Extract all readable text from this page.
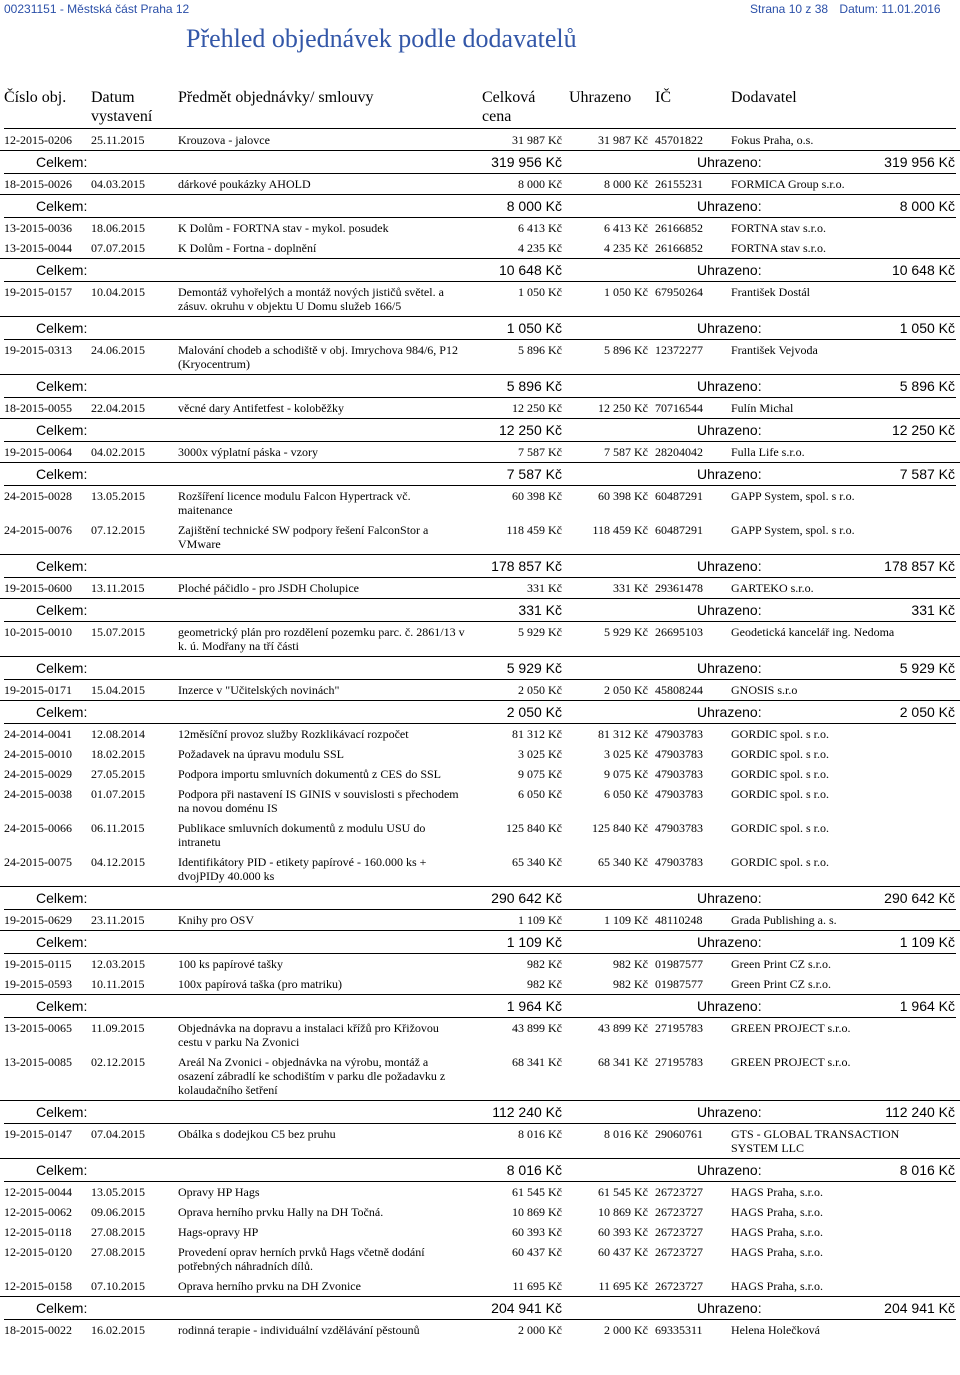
00231151 - Městská část Praha 12	Strana 10 z 38 Datum: 11.01.2016
Přehled objednávek podle dodavatelů
Číslo obj. Datum
vystavení
Předmět objednávky/ smlouvy	Celková
cena
Uhrazeno IČ	Dodavatel
12-2015-0206 25.11.2015	Krouzova - jalovce	31 987 Kč	31 987 Kč 45701822 Fokus Praha, o.s.
Celkem:	319 956 Kč	Uhrazeno:	319 956 Kč
18-2015-0026 04.03.2015	dárkové poukázky AHOLD	8 000 Kč	8 000 Kč 26155231 FORMICA Group s.r.o.
Celkem:	8 000 Kč	Uhrazeno:	8 000 Kč
13-2015-0036 18.06.2015	K Dolům - FORTNA stav - mykol. posudek	6 413 Kč	6 413 Kč 26166852 FORTNA stav s.r.o.
13-2015-0044 07.07.2015	K Dolům - Fortna - doplnění	4 235 Kč	4 235 Kč 26166852 FORTNA stav s.r.o.
Celkem:	10 648 Kč	Uhrazeno:	10 648 Kč
19-2015-0157 10.04.2015	Demontáž vyhořelých a montáž nových jističů světel. a
zásuv. okruhu v objektu U Domu služeb 166/5
1 050 Kč	1 050 Kč 67950264 František Dostál
Celkem:	1 050 Kč	Uhrazeno:	1 050 Kč
19-2015-0313 24.06.2015	Malování chodeb a schodiště v obj. Imrychova 984/6, P12
(Kryocentrum)
5 896 Kč	5 896 Kč 12372277 František Vejvoda
Celkem:	5 896 Kč	Uhrazeno:	5 896 Kč
18-2015-0055 22.04.2015	věcné dary Antifetfest - koloběžky	12 250 Kč	12 250 Kč 70716544 Fulín Michal
Celkem:	12 250 Kč	Uhrazeno:	12 250 Kč
19-2015-0064 04.02.2015	3000x výplatní páska - vzory	7 587 Kč	7 587 Kč 28204042 Fulla Life s.r.o.
Celkem:	7 587 Kč	Uhrazeno:	7 587 Kč
24-2015-0028 13.05.2015	Rozšíření licence modulu Falcon Hypertrack vč.
maitenance
60 398 Kč	60 398 Kč 60487291 GAPP System, spol. s r.o.
24-2015-0076 07.12.2015	Zajištění technické SW podpory řešení FalconStor a
VMware
118 459 Kč	118 459 Kč 60487291 GAPP System, spol. s r.o.
Celkem:	178 857 Kč	Uhrazeno:	178 857 Kč
19-2015-0600 13.11.2015	Ploché páčidlo - pro JSDH Cholupice	331 Kč	331 Kč 29361478 GARTEKO s.r.o.
Celkem:	331 Kč	Uhrazeno:	331 Kč
10-2015-0010 15.07.2015	geometrický plán pro rozdělení pozemku parc. č. 2861/13 v
k. ú. Modřany na tří části
5 929 Kč	5 929 Kč 26695103 Geodetická kancelář ing. Nedoma
Celkem:	5 929 Kč	Uhrazeno:	5 929 Kč
19-2015-0171 15.04.2015	Inzerce v "Učitelských novinách"	2 050 Kč	2 050 Kč 45808244 GNOSIS s.r.o
Celkem:	2 050 Kč	Uhrazeno:	2 050 Kč
24-2014-0041 12.08.2014	12měsíční provoz služby Rozklikávací rozpočet	81 312 Kč	81 312 Kč 47903783 GORDIC spol. s r.o.
24-2015-0010 18.02.2015	Požadavek na úpravu modulu SSL	3 025 Kč	3 025 Kč 47903783 GORDIC spol. s r.o.
24-2015-0029 27.05.2015	Podpora importu smluvních dokumentů z CES do SSL	9 075 Kč	9 075 Kč 47903783 GORDIC spol. s r.o.
24-2015-0038 01.07.2015	Podpora při nastavení IS GINIS v souvislosti s přechodem
na novou doménu IS
6 050 Kč	6 050 Kč 47903783 GORDIC spol. s r.o.
24-2015-0066 06.11.2015	Publikace smluvních dokumentů z modulu USU do
intranetu
125 840 Kč	125 840 Kč 47903783 GORDIC spol. s r.o.
24-2015-0075 04.12.2015	Identifikátory PID - etikety papírové - 160.000 ks +
dvojPIDy 40.000 ks
65 340 Kč	65 340 Kč 47903783 GORDIC spol. s r.o.
Celkem:	290 642 Kč	Uhrazeno:	290 642 Kč
19-2015-0629 23.11.2015	Knihy pro OSV	1 109 Kč	1 109 Kč 48110248 Grada Publishing a. s.
Celkem:	1 109 Kč	Uhrazeno:	1 109 Kč
19-2015-0115 12.03.2015	100 ks papírové tašky	982 Kč	982 Kč 01987577 Green Print CZ s.r.o.
19-2015-0593 10.11.2015	100x papírová taška (pro matriku)	982 Kč	982 Kč 01987577 Green Print CZ s.r.o.
Celkem:	1 964 Kč	Uhrazeno:	1 964 Kč
13-2015-0065 11.09.2015	Objednávka na dopravu a instalaci křížů pro Křižovou
cestu v parku Na Zvonici
43 899 Kč	43 899 Kč 27195783 GREEN PROJECT s.r.o.
13-2015-0085 02.12.2015	Areál Na Zvonici - objednávka na výrobu, montáž a
osazení zábradlí ke schodištím v parku dle požadavku z
kolaudačního šetření
68 341 Kč	68 341 Kč 27195783 GREEN PROJECT s.r.o.
Celkem:	112 240 Kč	Uhrazeno:	112 240 Kč
19-2015-0147 07.04.2015	Obálka s dodejkou C5 bez pruhu	8 016 Kč	8 016 Kč 29060761 GTS - GLOBAL TRANSACTION
SYSTEM LLC
Celkem:	8 016 Kč	Uhrazeno:	8 016 Kč
12-2015-0044 13.05.2015	Opravy HP Hags	61 545 Kč	61 545 Kč 26723727 HAGS Praha, s.r.o.
12-2015-0062 09.06.2015	Oprava herního prvku Hally na DH Točná.	10 869 Kč	10 869 Kč 26723727 HAGS Praha, s.r.o.
12-2015-0118 27.08.2015	Hags-opravy HP	60 393 Kč	60 393 Kč 26723727 HAGS Praha, s.r.o.
12-2015-0120 27.08.2015	Provedení oprav herních prvků Hags včetně dodání
potřebných náhradních dílů.
60 437 Kč	60 437 Kč 26723727 HAGS Praha, s.r.o.
12-2015-0158 07.10.2015	Oprava herního prvku na DH Zvonice	11 695 Kč	11 695 Kč 26723727 HAGS Praha, s.r.o.
Celkem:	204 941 Kč	Uhrazeno:	204 941 Kč
18-2015-0022 16.02.2015	rodinná terapie - individuální vzdělávání pěstounů	2 000 Kč	2 000 Kč 69335311 Helena Holečková
